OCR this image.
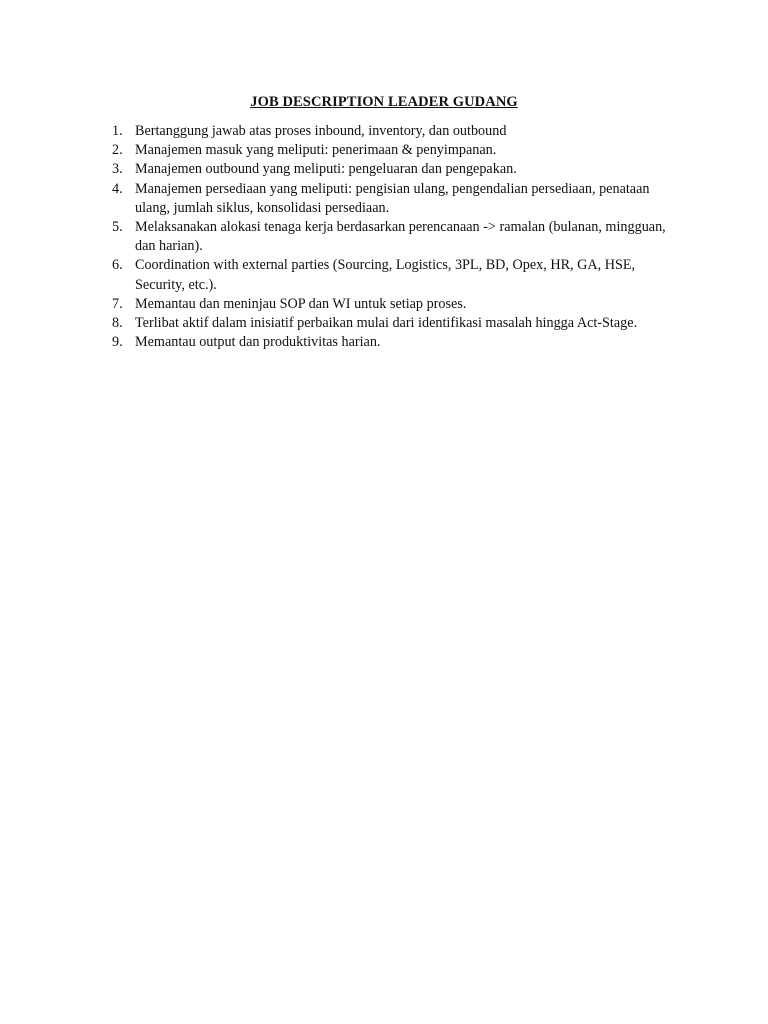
JOB DESCRIPTION LEADER GUDANG
1. Bertanggung jawab atas proses inbound, inventory, dan outbound
2. Manajemen masuk yang meliputi: penerimaan & penyimpanan.
3. Manajemen outbound yang meliputi: pengeluaran dan pengepakan.
4. Manajemen persediaan yang meliputi: pengisian ulang, pengendalian persediaan, penataan ulang, jumlah siklus, konsolidasi persediaan.
5. Melaksanakan alokasi tenaga kerja berdasarkan perencanaan -> ramalan (bulanan, mingguan, dan harian).
6. Coordination with external parties (Sourcing, Logistics, 3PL, BD, Opex, HR, GA, HSE, Security, etc.).
7. Memantau dan meninjau SOP dan WI untuk setiap proses.
8. Terlibat aktif dalam inisiatif perbaikan mulai dari identifikasi masalah hingga Act-Stage.
9. Memantau output dan produktivitas harian.
